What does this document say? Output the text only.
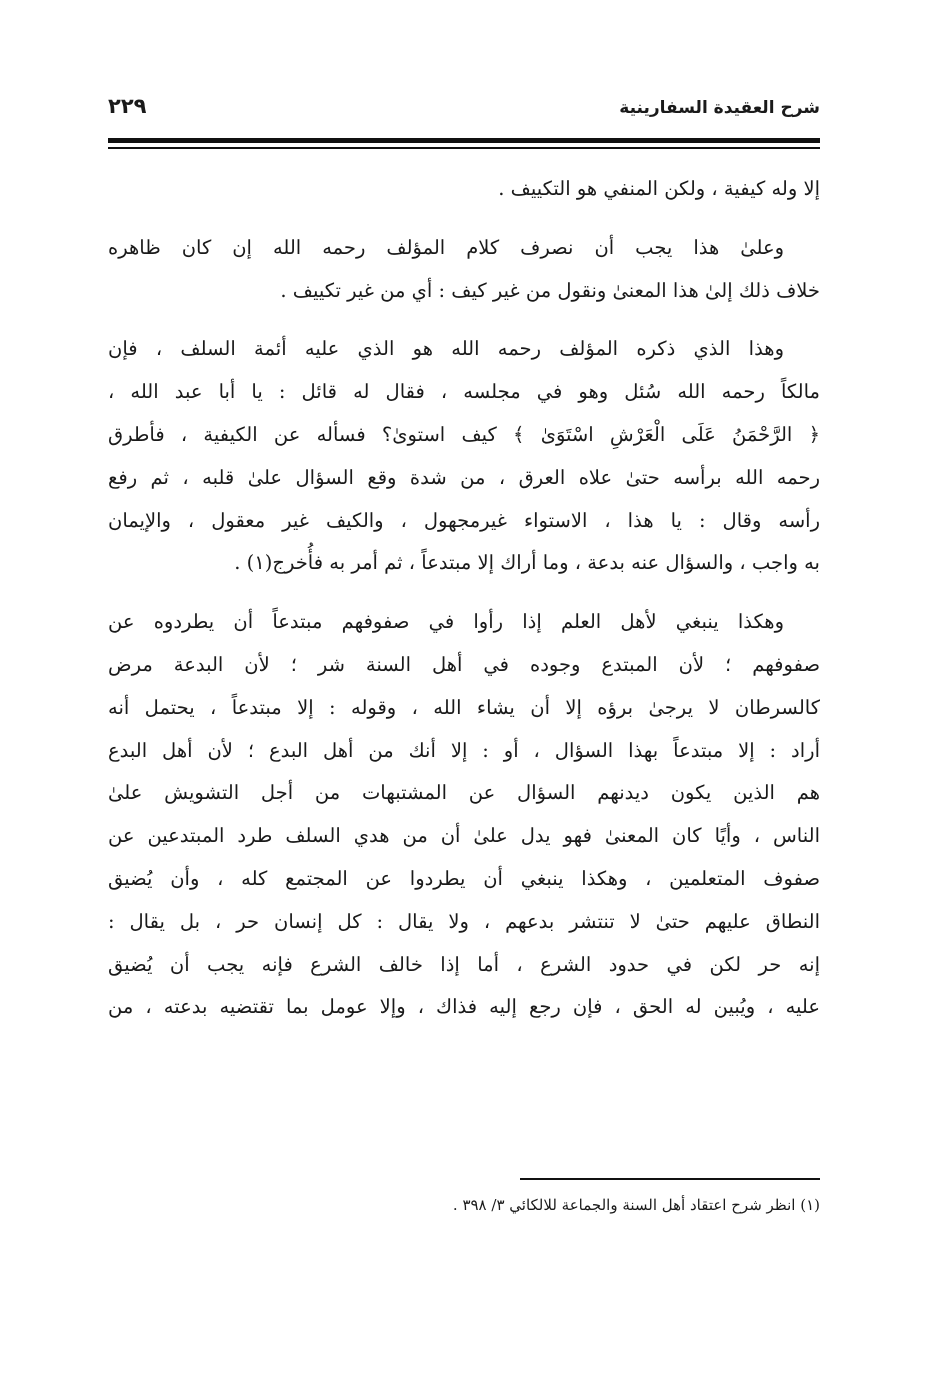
شرح العقيدة السفارينية
٢٢٩
إلا وله كيفية ، ولكن المنفي هو التكييف .
وعلىٰ هذا يجب أن نصرف كلام المؤلف رحمه الله إن كان ظاهره
خلاف ذلك إلىٰ هذا المعنىٰ ونقول من غير كيف : أي من غير تكييف .
وهذا الذي ذكره المؤلف رحمه الله هو الذي عليه أئمة السلف ، فإن
مالكاً رحمه الله سُئل وهو في مجلسه ، فقال له قائل : يا أبا عبد الله ،
﴿ الرَّحْمَنُ عَلَى الْعَرْشِ اسْتَوَىٰ ﴾ كيف استوىٰ؟ فسأله عن الكيفية ، فأطرق
رحمه الله برأسه حتىٰ علاه العرق ، من شدة وقع السؤال علىٰ قلبه ، ثم رفع
رأسه وقال : يا هذا ، الاستواء غيرمجهول ، والكيف غير معقول ، والإيمان
به واجب ، والسؤال عنه بدعة ، وما أراك إلا مبتدعاً ، ثم أمر به فأُخرج(١) .
وهكذا ينبغي لأهل العلم إذا رأوا في صفوفهم مبتدعاً أن يطردوه عن
صفوفهم ؛ لأن المبتدع وجوده في أهل السنة شر ؛ لأن البدعة مرض
كالسرطان لا يرجىٰ برؤه إلا أن يشاء الله ، وقوله : إلا مبتدعاً ، يحتمل أنه
أراد : إلا مبتدعاً بهذا السؤال ، أو : إلا أنك من أهل البدع ؛ لأن أهل البدع
هم الذين يكون ديدنهم السؤال عن المشتبهات من أجل التشويش علىٰ
الناس ، وأيًا كان المعنىٰ فهو يدل علىٰ أن من هدي السلف طرد المبتدعين عن
صفوف المتعلمين ، وهكذا ينبغي أن يطردوا عن المجتمع كله ، وأن يُضيق
النطاق عليهم حتىٰ لا تنتشر بدعهم ، ولا يقال : كل إنسان حر ، بل يقال :
إنه حر لكن في حدود الشرع ، أما إذا خالف الشرع فإنه يجب أن يُضيق
عليه ، ويُبين له الحق ، فإن رجع إليه فذاك ، وإلا عومل بما تقتضيه بدعته ، من
(١) انظر شرح اعتقاد أهل السنة والجماعة للالكائي ٣/ ٣٩٨ .
